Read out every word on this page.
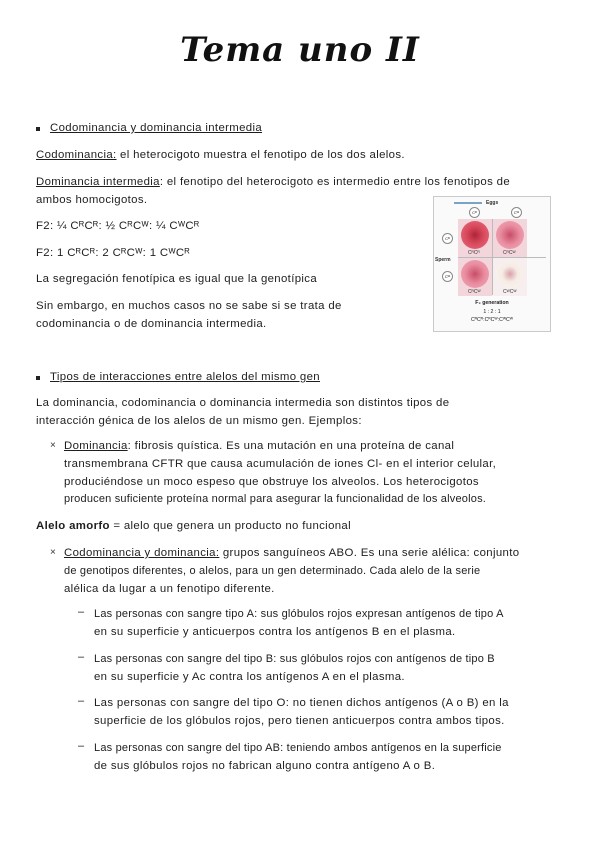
Tema uno II
Codominancia y dominancia intermedia
Codominancia: el heterocigoto muestra el fenotipo de los dos alelos.
Dominancia intermedia: el fenotipo del heterocigoto es intermedio entre los fenotipos de
ambos homocigotos.
F2: ¼ CᴿCᴿ: ½ CᴿCᵂ: ¼ CᵂCᴿ
F2: 1 CᴿCᴿ: 2 CᴿCᵂ: 1 CᵂCᴿ
La segregación fenotípica es igual que la genotípica
Sin embargo, en muchos casos no se sabe si se trata de
codominancia o de dominancia intermedia.
Eggs
Cᴿ	Cᵂ
Sperm
Cᴿ
Cᵂ
CᴿCᴿ	CᴿCᵂ
CᴿCᵂ	CᵂCᵂ
F₂ generation
1 : 2 : 1
CᴿCᴿ:CᴿCᵂ:CᵂCᵂ
Tipos de interacciones entre alelos del mismo gen
La dominancia, codominancia o dominancia intermedia son distintos tipos de
interacción génica de los alelos de un mismo gen. Ejemplos:
× Dominancia: fibrosis quística. Es una mutación en una proteína de canal
transmembrana CFTR que causa acumulación de iones Cl- en el interior celular,
produciéndose un moco espeso que obstruye los alveolos. Los heterocigotos
producen suficiente proteína normal para asegurar la funcionalidad de los alveolos.
Alelo amorfo = alelo que genera un producto no funcional
× Codominancia y dominancia: grupos sanguíneos ABO. Es una serie alélica: conjunto
de genotipos diferentes, o alelos, para un gen determinado. Cada alelo de la serie
alélica da lugar a un fenotipo diferente.
– Las personas con sangre tipo A: sus glóbulos rojos expresan antígenos de tipo A
en su superficie y anticuerpos contra los antígenos B en el plasma.
– Las personas con sangre del tipo B: sus glóbulos rojos con antígenos de tipo B
en su superficie y Ac contra los antígenos A en el plasma.
– Las personas con sangre del tipo O: no tienen dichos antígenos (A o B) en la
superficie de los glóbulos rojos, pero tienen anticuerpos contra ambos tipos.
– Las personas con sangre del tipo AB: teniendo ambos antígenos en la superficie
de sus glóbulos rojos no fabrican alguno contra antígeno A o B.
